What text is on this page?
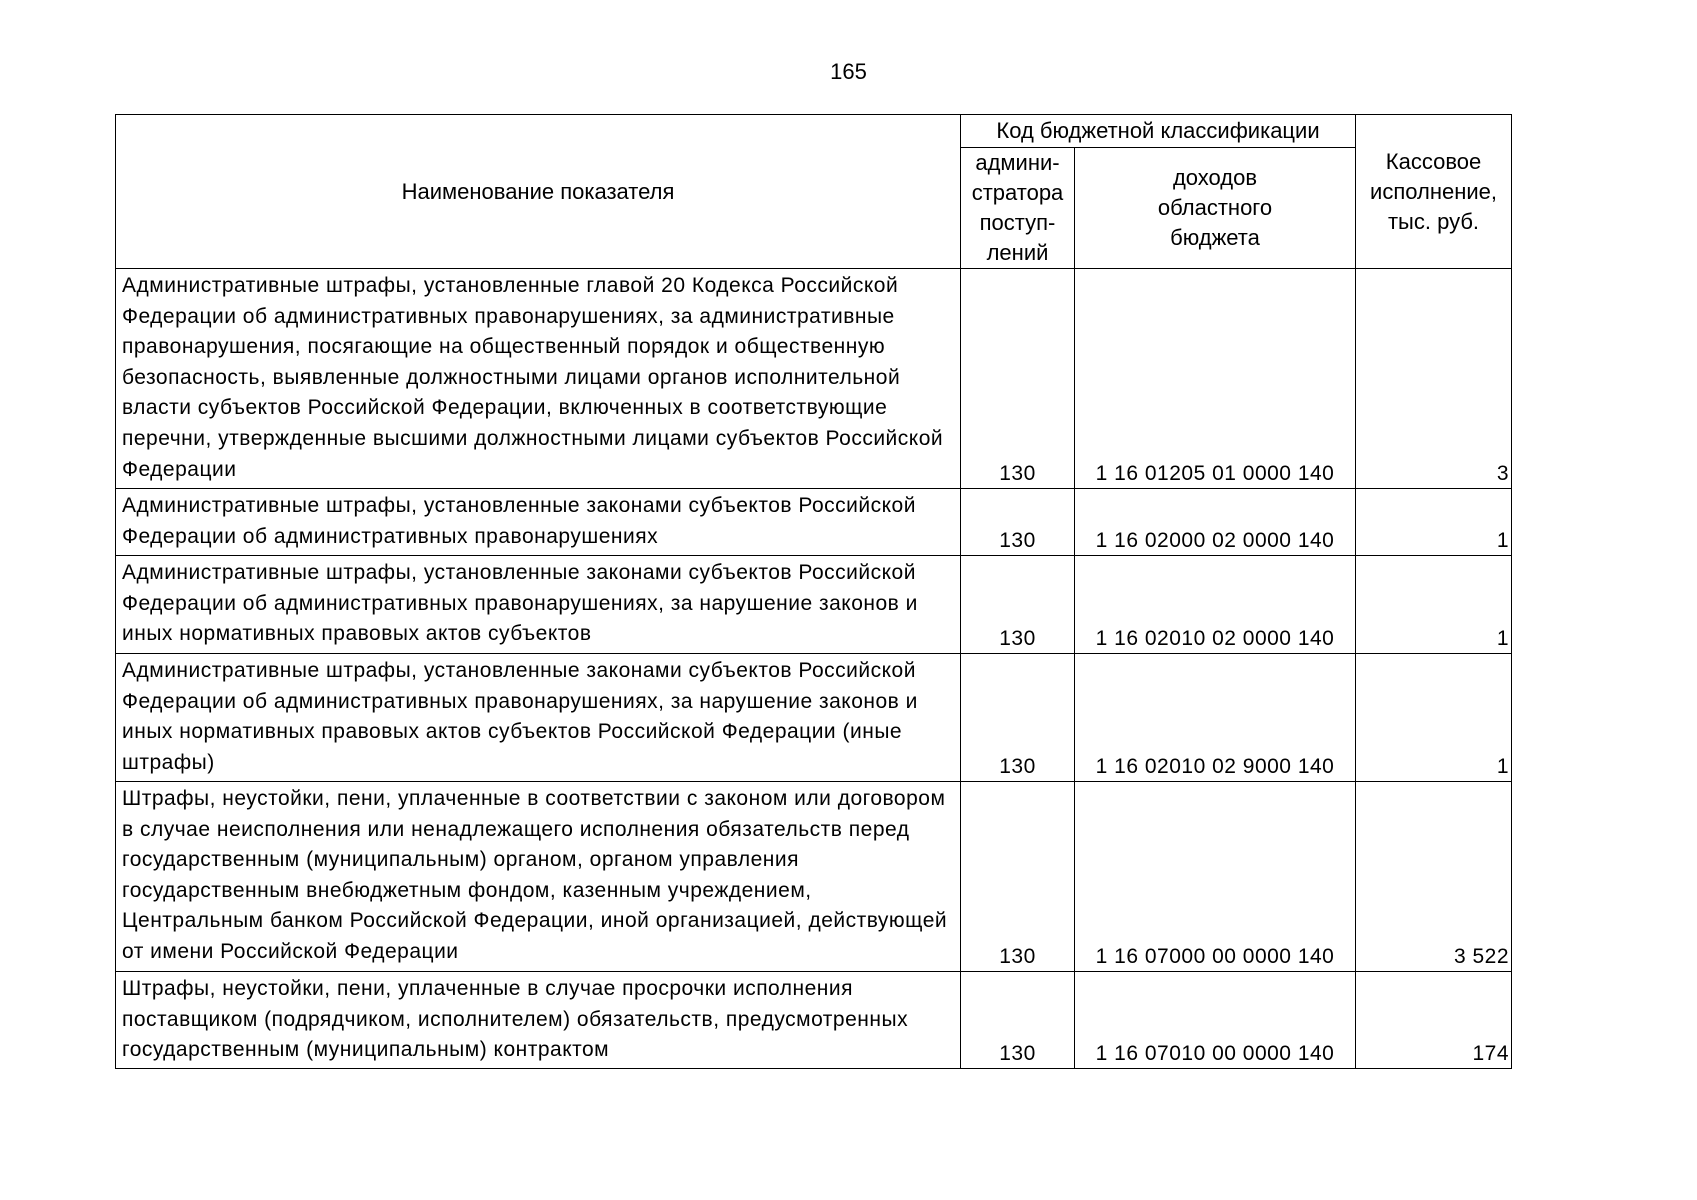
165
Наименование показателя	Код бюджетной классификации		Кассовое
исполнение,
тыс. руб.
	админи-
стратора
поступ-
лений	доходов
областного
бюджета	
Административные штрафы, установленные главой 20 Кодекса Российской Федерации об административных правонарушениях, за административные правонарушения, посягающие на общественный порядок и общественную безопасность, выявленные должностными лицами органов исполнительной власти субъектов Российской Федерации, включенных в соответствующие перечни, утвержденные высшими должностными лицами субъектов Российской Федерации	130	1 16 01205 01 0000 140	3
Административные штрафы, установленные законами субъектов Российской Федерации об административных правонарушениях	130	1 16 02000 02 0000 140	1
Административные штрафы, установленные законами субъектов Российской Федерации об административных правонарушениях, за нарушение законов и иных нормативных правовых актов субъектов	130	1 16 02010 02 0000 140	1
Административные штрафы, установленные законами субъектов Российской Федерации об административных правонарушениях, за нарушение законов и иных нормативных правовых актов субъектов Российской Федерации (иные штрафы)	130	1 16 02010 02 9000 140	1
Штрафы, неустойки, пени, уплаченные в соответствии с законом или договором в случае неисполнения или ненадлежащего исполнения обязательств перед государственным (муниципальным) органом, органом управления государственным внебюджетным фондом, казенным учреждением, Центральным банком Российской Федерации, иной организацией, действующей от имени Российской Федерации	130	1 16 07000 00 0000 140	3 522
Штрафы, неустойки, пени, уплаченные в случае просрочки исполнения поставщиком (подрядчиком, исполнителем) обязательств, предусмотренных государственным (муниципальным) контрактом	130	1 16 07010 00 0000 140	174
